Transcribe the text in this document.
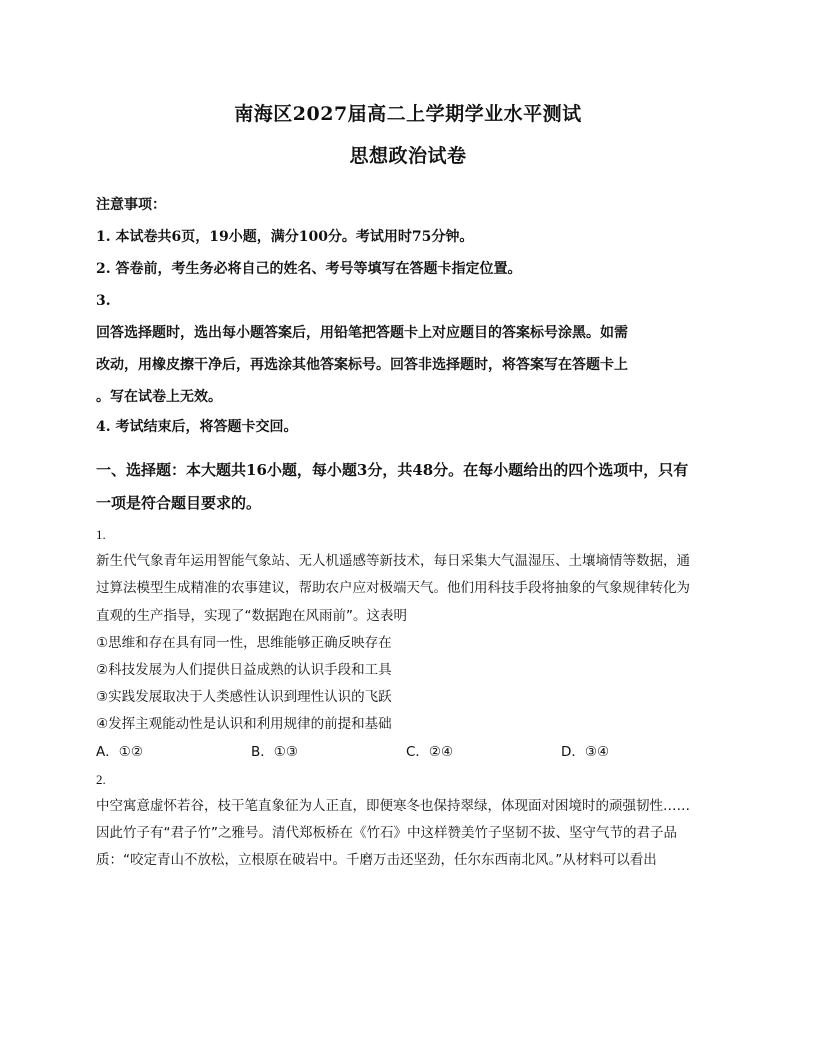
南海区2027届高二上学期学业水平测试
思想政治试卷
注意事项：
1. 本试卷共6页，19小题，满分100分。考试用时75分钟。
2. 答卷前，考生务必将自己的姓名、考号等填写在答题卡指定位置。
3.
回答选择题时，选出每小题答案后，用铅笔把答题卡上对应题目的答案标号涂黑。如需
改动，用橡皮擦干净后，再选涂其他答案标号。回答非选择题时，将答案写在答题卡上
。写在试卷上无效。
4. 考试结束后，将答题卡交回。
一、选择题：本大题共16小题，每小题3分，共48分。在每小题给出的四个选项中，只有
一项是符合题目要求的。
1.
新生代气象青年运用智能气象站、无人机遥感等新技术，每日采集大气温湿压、土壤墒情等数据，通
过算法模型生成精准的农事建议，帮助农户应对极端天气。他们用科技手段将抽象的气象规律转化为
直观的生产指导，实现了“数据跑在风雨前”。这表明
①思维和存在具有同一性，思维能够正确反映存在
②科技发展为人们提供日益成熟的认识手段和工具
③实践发展取决于人类感性认识到理性认识的飞跃
④发挥主观能动性是认识和利用规律的前提和基础
A．①②	B．①③	C．②④	D．③④
2.
中空寓意虚怀若谷，枝干笔直象征为人正直，即便寒冬也保持翠绿，体现面对困境时的顽强韧性……
因此竹子有“君子竹”之雅号。清代郑板桥在《竹石》中这样赞美竹子坚韧不拔、坚守气节的君子品
质：“咬定青山不放松，立根原在破岩中。千磨万击还坚劲，任尔东西南北风。”从材料可以看出
